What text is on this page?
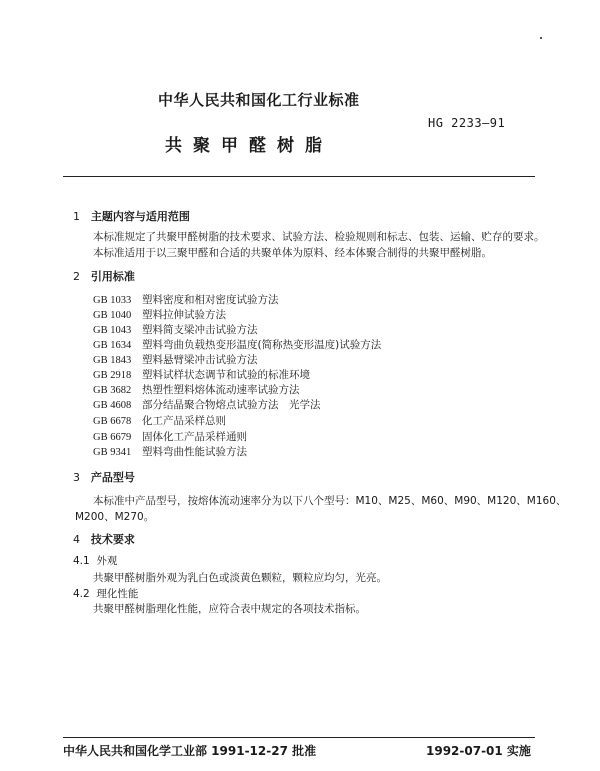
中华人民共和国化工行业标准
HG 2233—91
共聚甲醛树脂
1 主题内容与适用范围
本标准规定了共聚甲醛树脂的技术要求、试验方法、检验规则和标志、包装、运输、贮存的要求。
本标准适用于以三聚甲醛和合适的共聚单体为原料、经本体聚合制得的共聚甲醛树脂。
2 引用标准
GB 1033 塑料密度和相对密度试验方法
GB 1040 塑料拉伸试验方法
GB 1043 塑料简支梁冲击试验方法
GB 1634 塑料弯曲负载热变形温度(简称热变形温度)试验方法
GB 1843 塑料悬臂梁冲击试验方法
GB 2918 塑料试样状态调节和试验的标准环境
GB 3682 热塑性塑料熔体流动速率试验方法
GB 4608 部分结晶聚合物熔点试验方法　光学法
GB 6678 化工产品采样总则
GB 6679 固体化工产品采样通则
GB 9341 塑料弯曲性能试验方法
3 产品型号
本标准中产品型号，按熔体流动速率分为以下八个型号：M10、M25、M60、M90、M120、M160、
M200、M270。
4 技术要求
4.1 外观
共聚甲醛树脂外观为乳白色或淡黄色颗粒，颗粒应均匀，光亮。
4.2 理化性能
共聚甲醛树脂理化性能，应符合表中规定的各项技术指标。
中华人民共和国化学工业部 1991-12-27 批准	1992-07-01 实施
